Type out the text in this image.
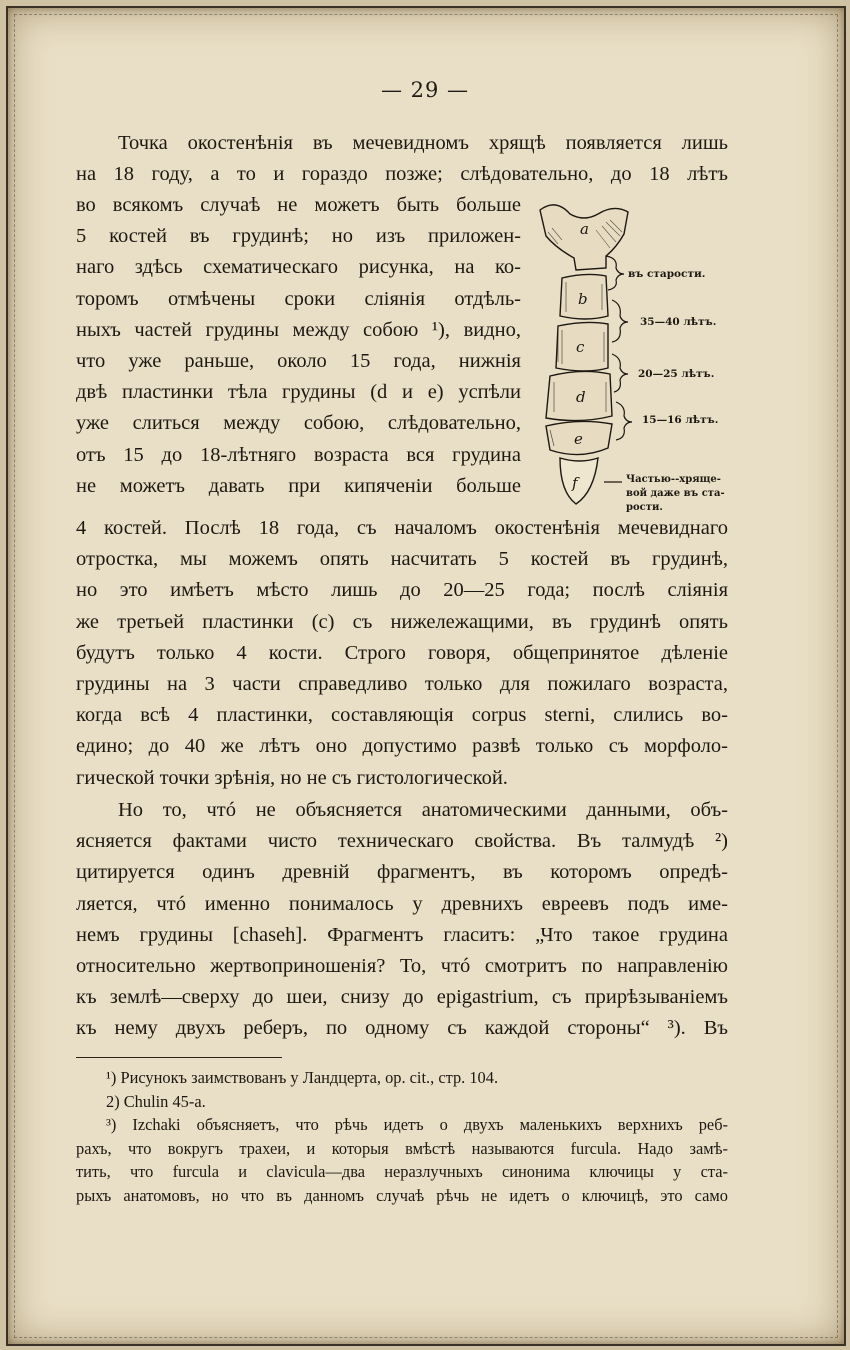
— 29 —
Точка окостенѣнія въ мечевидномъ хрящѣ появляется лишь
на 18 году, а то и гораздо позже; слѣдовательно, до 18 лѣтъ
во всякомъ случаѣ не можетъ быть больше
5 костей въ грудинѣ; но изъ приложен-
наго здѣсь схематическаго рисунка, на ко-
торомъ отмѣчены сроки слiянія отдѣль-
ныхъ частей грудины между собою ¹), видно,
что уже раньше, около 15 года, нижнія
двѣ пластинки тѣла грудины (d и е) успѣли
уже слиться между собою, слѣдовательно,
отъ 15 до 18-лѣтняго возраста вся грудина
не можетъ давать при кипяченіи больше
a
b
c
d
e
f
въ старости.
35—40 лѣтъ.
20—25 лѣтъ.
15—16 лѣтъ.
Частью--хряще-
вой даже въ ста-
рости.
4 костей. Послѣ 18 года, съ началомъ окостенѣнія мечевиднаго
отростка, мы можемъ опять насчитать 5 костей въ грудинѣ,
но это имѣетъ мѣсто лишь до 20—25 года; послѣ слiянія
же третьей пластинки (с) съ нижележащими, въ грудинѣ опять
будутъ только 4 кости. Строго говоря, общепринятое дѣленіе
грудины на 3 части справедливо только для пожилаго возраста,
когда всѣ 4 пластинки, составляющія corpus sterni, слились во-
едино; до 40 же лѣтъ оно допустимо развѣ только съ морфоло-
гической точки зрѣнія, но не съ гистологической.
Но то, чтó не объясняется анатомическими данными, объ-
ясняется фактами чисто техническаго свойства. Въ талмудѣ ²)
цитируется одинъ древній фрагментъ, въ которомъ опредѣ-
ляется, чтó именно понималось у древнихъ евреевъ подъ име-
немъ грудины [chaseh]. Фрагментъ гласитъ: „Что такое грудина
относительно жертвоприношенія? То, чтó смотритъ по направленію
къ землѣ—сверху до шеи, снизу до epigastrium, съ прирѣзываніемъ
къ нему двухъ реберъ, по одному съ каждой стороны“ ³). Въ
¹) Рисунокъ заимствованъ у Ландцерта, op. cit., стр. 104.
2) Chulin 45-a.
³) Izchaki объясняетъ, что рѣчь идетъ о двухъ маленькихъ верхнихъ реб-
рахъ, что вокругъ трахеи, и которыя вмѣстѣ называются furcula. Надо замѣ-
тить, что furcula и clavicula—два неразлучныхъ синонима ключицы у ста-
рыхъ анатомовъ, но что въ данномъ случаѣ рѣчь не идетъ о ключицѣ, это само
